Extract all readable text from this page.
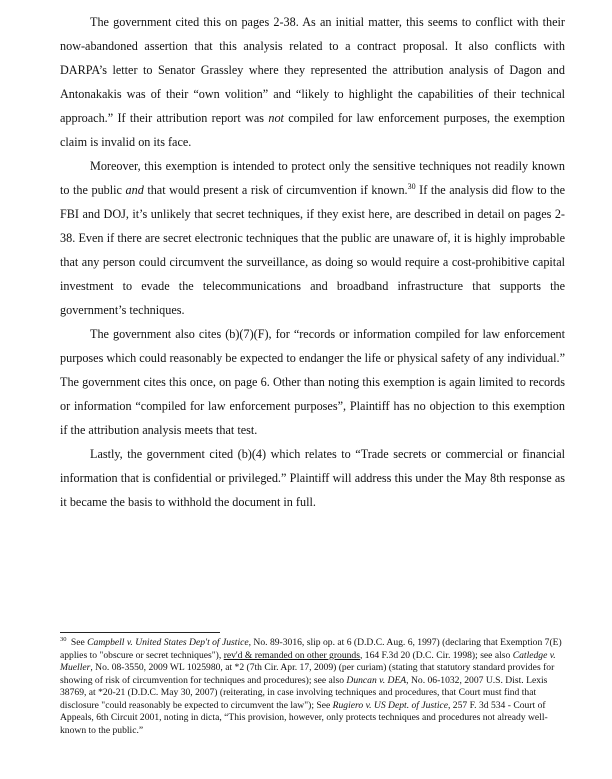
The government cited this on pages 2-38. As an initial matter, this seems to conflict with their now-abandoned assertion that this analysis related to a contract proposal. It also conflicts with DARPA’s letter to Senator Grassley where they represented the attribution analysis of Dagon and Antonakakis was of their “own volition” and “likely to highlight the capabilities of their technical approach.” If their attribution report was not compiled for law enforcement purposes, the exemption claim is invalid on its face.

Moreover, this exemption is intended to protect only the sensitive techniques not readily known to the public and that would present a risk of circumvention if known.$^{30}$ If the analysis did flow to the FBI and DOJ, it’s unlikely that secret techniques, if they exist here, are described in detail on pages 2-38. Even if there are secret electronic techniques that the public are unaware of, it is highly improbable that any person could circumvent the surveillance, as doing so would require a cost-prohibitive capital investment to evade the telecommunications and broadband infrastructure that supports the government’s techniques.

The government also cites (b)(7)(F), for “records or information compiled for law enforcement purposes which could reasonably be expected to endanger the life or physical safety of any individual.” The government cites this once, on page 6. Other than noting this exemption is again limited to records or information “compiled for law enforcement purposes”, Plaintiff has no objection to this exemption if the attribution analysis meets that test.

Lastly, the government cited (b)(4) which relates to “Trade secrets or commercial or financial information that is confidential or privileged.” Plaintiff will address this under the May 8th response as it became the basis to withhold the document in full.

$^{30}$ See Campbell v. United States Dep't of Justice, No. 89-3016, slip op. at 6 (D.D.C. Aug. 6, 1997) (declaring that Exemption 7(E) applies to "obscure or secret techniques"), rev'd & remanded on other grounds, 164 F.3d 20 (D.C. Cir. 1998); see also Catledge v. Mueller, No. 08-3550, 2009 WL 1025980, at *2 (7th Cir. Apr. 17, 2009) (per curiam) (stating that statutory standard provides for showing of risk of circumvention for techniques and procedures); see also Duncan v. DEA, No. 06-1032, 2007 U.S. Dist. Lexis 38769, at *20-21 (D.D.C. May 30, 2007) (reiterating, in case involving techniques and procedures, that Court must find that disclosure "could reasonably be expected to circumvent the law"); See Rugiero v. US Dept. of Justice, 257 F. 3d 534 - Court of Appeals, 6th Circuit 2001, noting in dicta, “This provision, however, only protects techniques and procedures not already well-known to the public.”
